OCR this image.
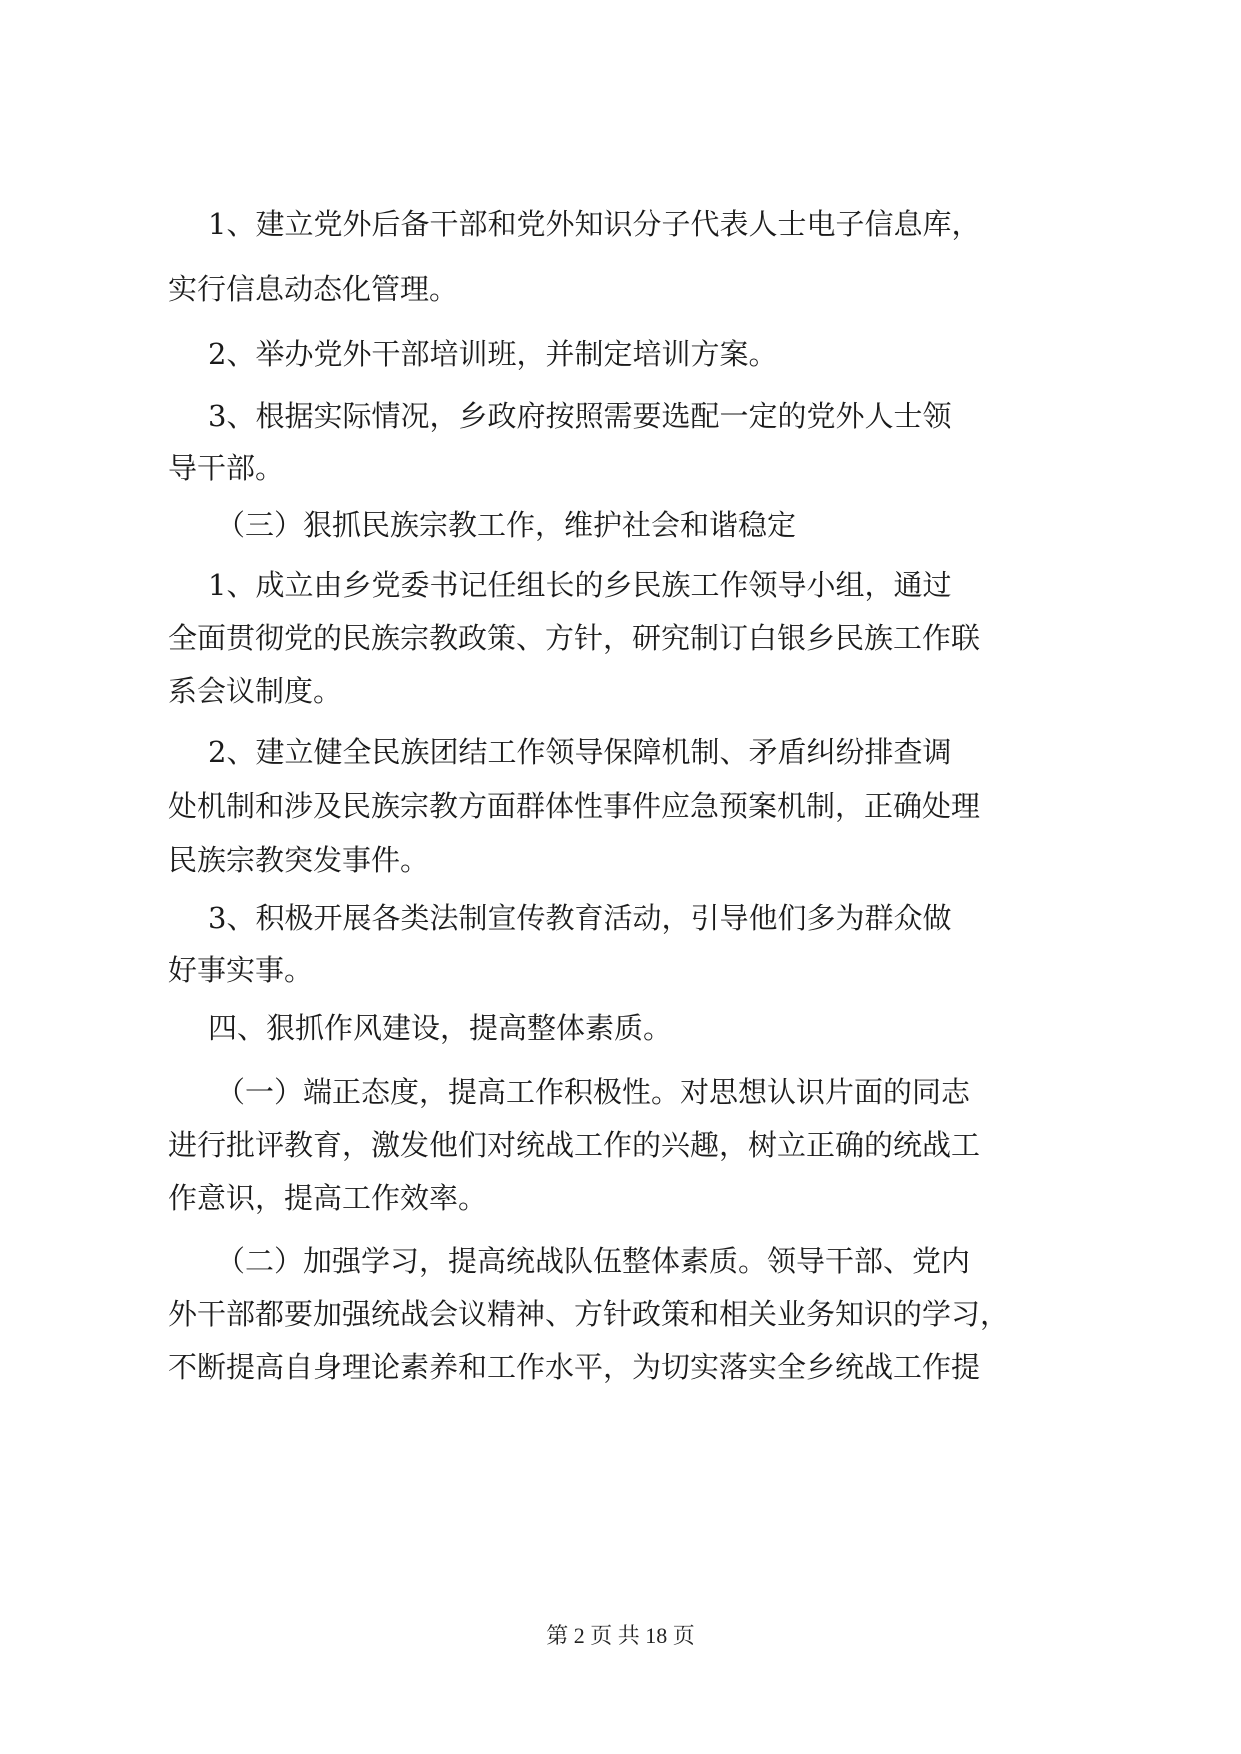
1、建立党外后备干部和党外知识分子代表人士电子信息库，
实行信息动态化管理。
2、举办党外干部培训班，并制定培训方案。
3、根据实际情况，乡政府按照需要选配一定的党外人士领
导干部。
（三）狠抓民族宗教工作，维护社会和谐稳定
1、成立由乡党委书记任组长的乡民族工作领导小组，通过
全面贯彻党的民族宗教政策、方针，研究制订白银乡民族工作联
系会议制度。
2、建立健全民族团结工作领导保障机制、矛盾纠纷排查调
处机制和涉及民族宗教方面群体性事件应急预案机制，正确处理
民族宗教突发事件。
3、积极开展各类法制宣传教育活动，引导他们多为群众做
好事实事。
四、狠抓作风建设，提高整体素质。
（一）端正态度，提高工作积极性。对思想认识片面的同志
进行批评教育，激发他们对统战工作的兴趣，树立正确的统战工
作意识，提高工作效率。
（二）加强学习，提高统战队伍整体素质。领导干部、党内
外干部都要加强统战会议精神、方针政策和相关业务知识的学习，
不断提高自身理论素养和工作水平，为切实落实全乡统战工作提
第 2 页 共 18 页
